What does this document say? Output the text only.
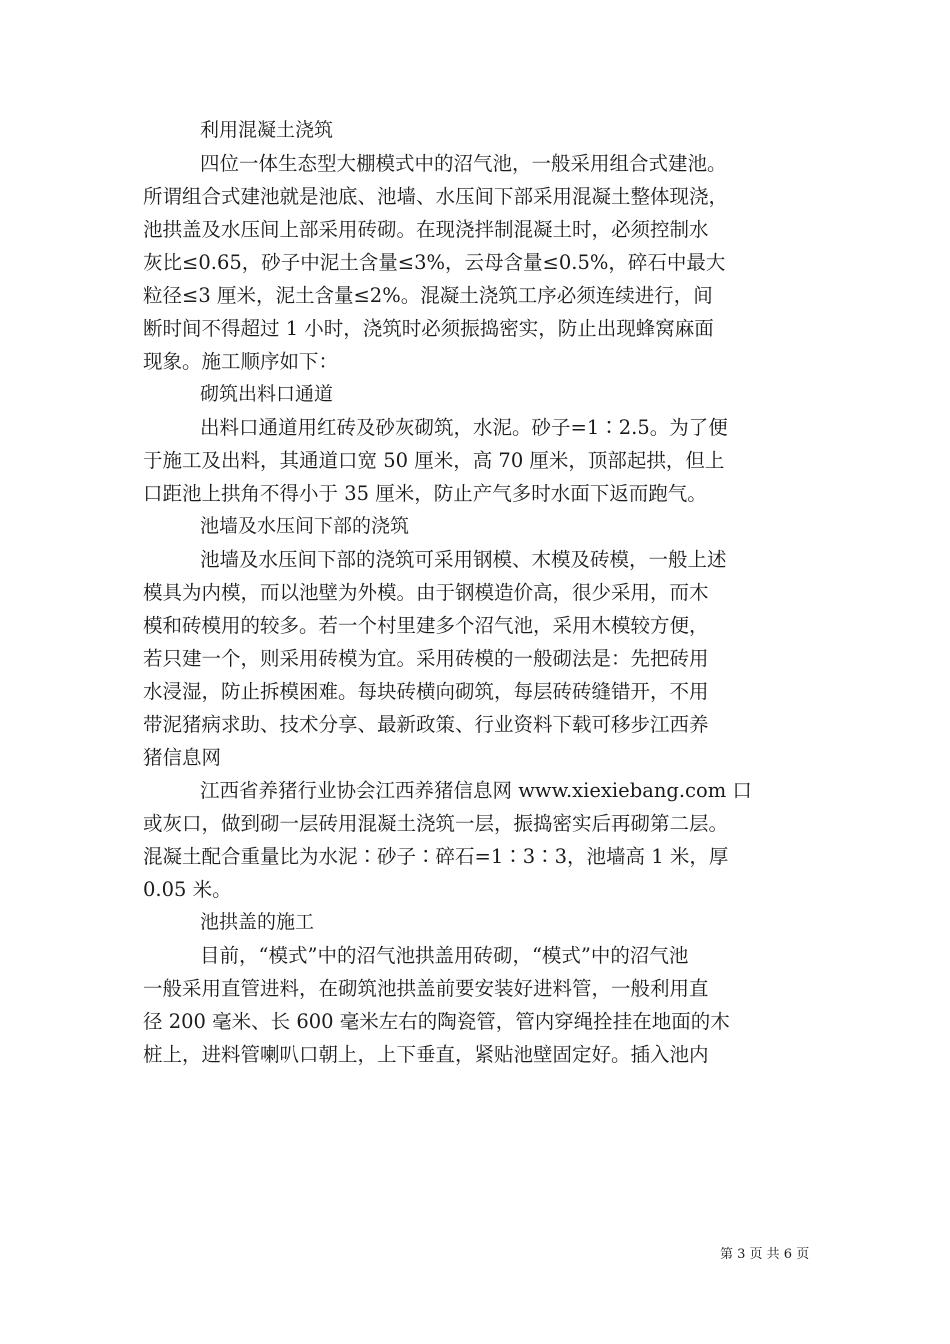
利用混凝土浇筑
四位一体生态型大棚模式中的沼气池，一般采用组合式建池。
所谓组合式建池就是池底、池墙、水压间下部采用混凝土整体现浇，
池拱盖及水压间上部采用砖砌。在现浇拌制混凝土时，必须控制水
灰比≤0.65，砂子中泥土含量≤3%，云母含量≤0.5%，碎石中最大
粒径≤3 厘米，泥土含量≤2%。混凝土浇筑工序必须连续进行，间
断时间不得超过 1 小时，浇筑时必须振捣密实，防止出现蜂窝麻面
现象。施工顺序如下：
砌筑出料口通道
出料口通道用红砖及砂灰砌筑，水泥。砂子=1∶2.5。为了便
于施工及出料，其通道口宽 50 厘米，高 70 厘米，顶部起拱，但上
口距池上拱角不得小于 35 厘米，防止产气多时水面下返而跑气。
池墙及水压间下部的浇筑
池墙及水压间下部的浇筑可采用钢模、木模及砖模，一般上述
模具为内模，而以池壁为外模。由于钢模造价高，很少采用，而木
模和砖模用的较多。若一个村里建多个沼气池，采用木模较方便，
若只建一个，则采用砖模为宜。采用砖模的一般砌法是：先把砖用
水浸湿，防止拆模困难。每块砖横向砌筑，每层砖砖缝错开，不用
带泥猪病求助、技术分享、最新政策、行业资料下载可移步江西养
猪信息网
江西省养猪行业协会江西养猪信息网 www.xiexiebang.com 口
或灰口，做到砌一层砖用混凝土浇筑一层，振捣密实后再砌第二层。
混凝土配合重量比为水泥∶砂子∶碎石=1∶3∶3，池墙高 1 米，厚
0.05 米。
池拱盖的施工
目前，“模式”中的沼气池拱盖用砖砌，“模式”中的沼气池
一般采用直管进料，在砌筑池拱盖前要安装好进料管，一般利用直
径 200 毫米、长 600 毫米左右的陶瓷管，管内穿绳拴挂在地面的木
桩上，进料管喇叭口朝上，上下垂直，紧贴池壁固定好。插入池内
第 3 页 共 6 页
